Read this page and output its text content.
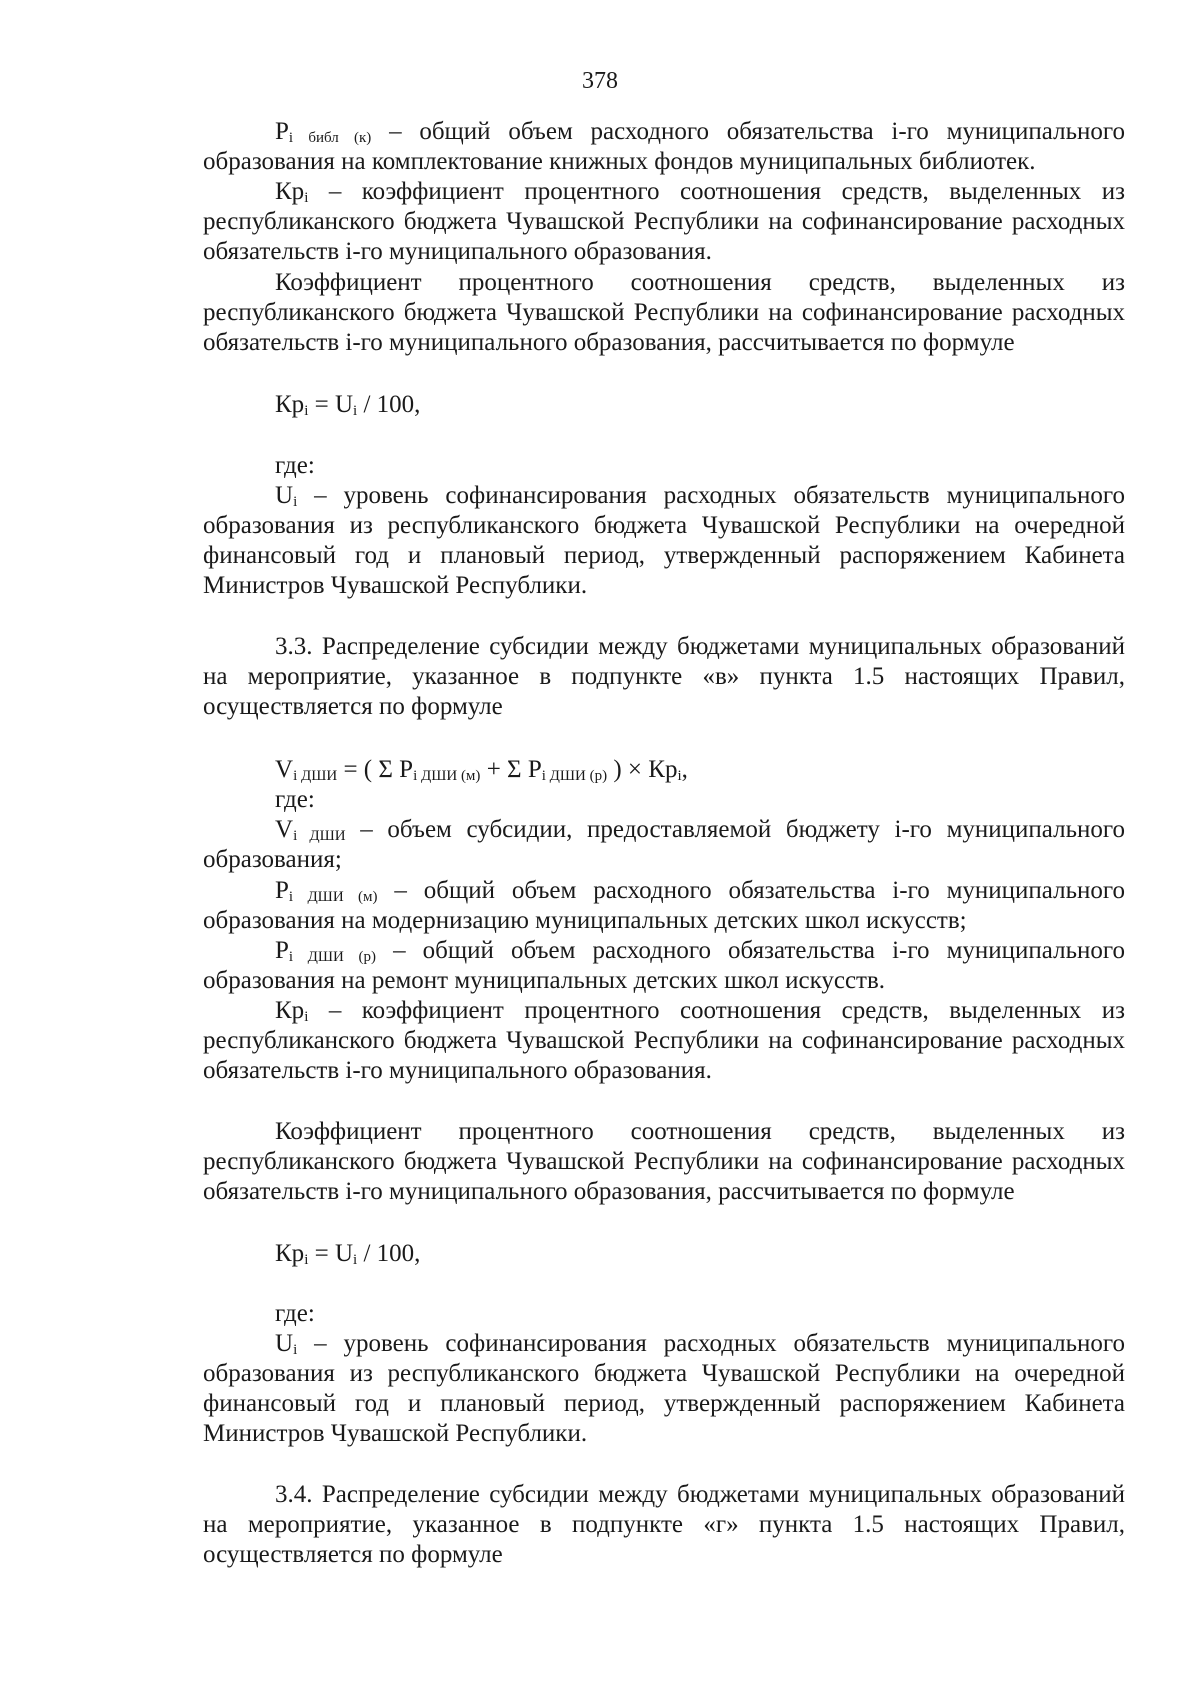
378
$P_{i библ (к)}$ – общий объем расходного обязательства i-го муниципального образования на комплектование книжных фондов муниципальных библиотек.
$Кр_i$ – коэффициент процентного соотношения средств, выделенных из республиканского бюджета Чувашской Республики на софинансирование расходных обязательств i-го муниципального образования.
Коэффициент процентного соотношения средств, выделенных из республиканского бюджета Чувашской Республики на софинансирование расходных обязательств i-го муниципального образования, рассчитывается по формуле
$Кр_i = U_i / 100$,
где:
$U_i$ – уровень софинансирования расходных обязательств муниципального образования из республиканского бюджета Чувашской Республики на очередной финансовый год и плановый период, утвержденный распоряжением Кабинета Министров Чувашской Республики.
3.3. Распределение субсидии между бюджетами муниципальных образований на мероприятие, указанное в подпункте «в» пункта 1.5 настоящих Правил, осуществляется по формуле
$V_{i ДШИ}$ = ( Σ $P_{i ДШИ (м)} + \Sigma$ $P_{i ДШИ (р)}$ ) × $Кр_i$,
где:
$V_{i ДШИ}$ – объем субсидии, предоставляемой бюджету i-го муниципального образования;
$P_{i ДШИ (м)}$ – общий объем расходного обязательства i-го муниципального образования на модернизацию муниципальных детских школ искусств;
$P_{i ДШИ (р)}$ – общий объем расходного обязательства i-го муниципального образования на ремонт муниципальных детских школ искусств.
$Кр_i$ – коэффициент процентного соотношения средств, выделенных из республиканского бюджета Чувашской Республики на софинансирование расходных обязательств i-го муниципального образования.
Коэффициент процентного соотношения средств, выделенных из республиканского бюджета Чувашской Республики на софинансирование расходных обязательств i-го муниципального образования, рассчитывается по формуле
$Кр_i = U_i / 100$,
где:
$U_i$ – уровень софинансирования расходных обязательств муниципального образования из республиканского бюджета Чувашской Республики на очередной финансовый год и плановый период, утвержденный распоряжением Кабинета Министров Чувашской Республики.
3.4. Распределение субсидии между бюджетами муниципальных образований на мероприятие, указанное в подпункте «г» пункта 1.5 настоящих Правил, осуществляется по формуле
